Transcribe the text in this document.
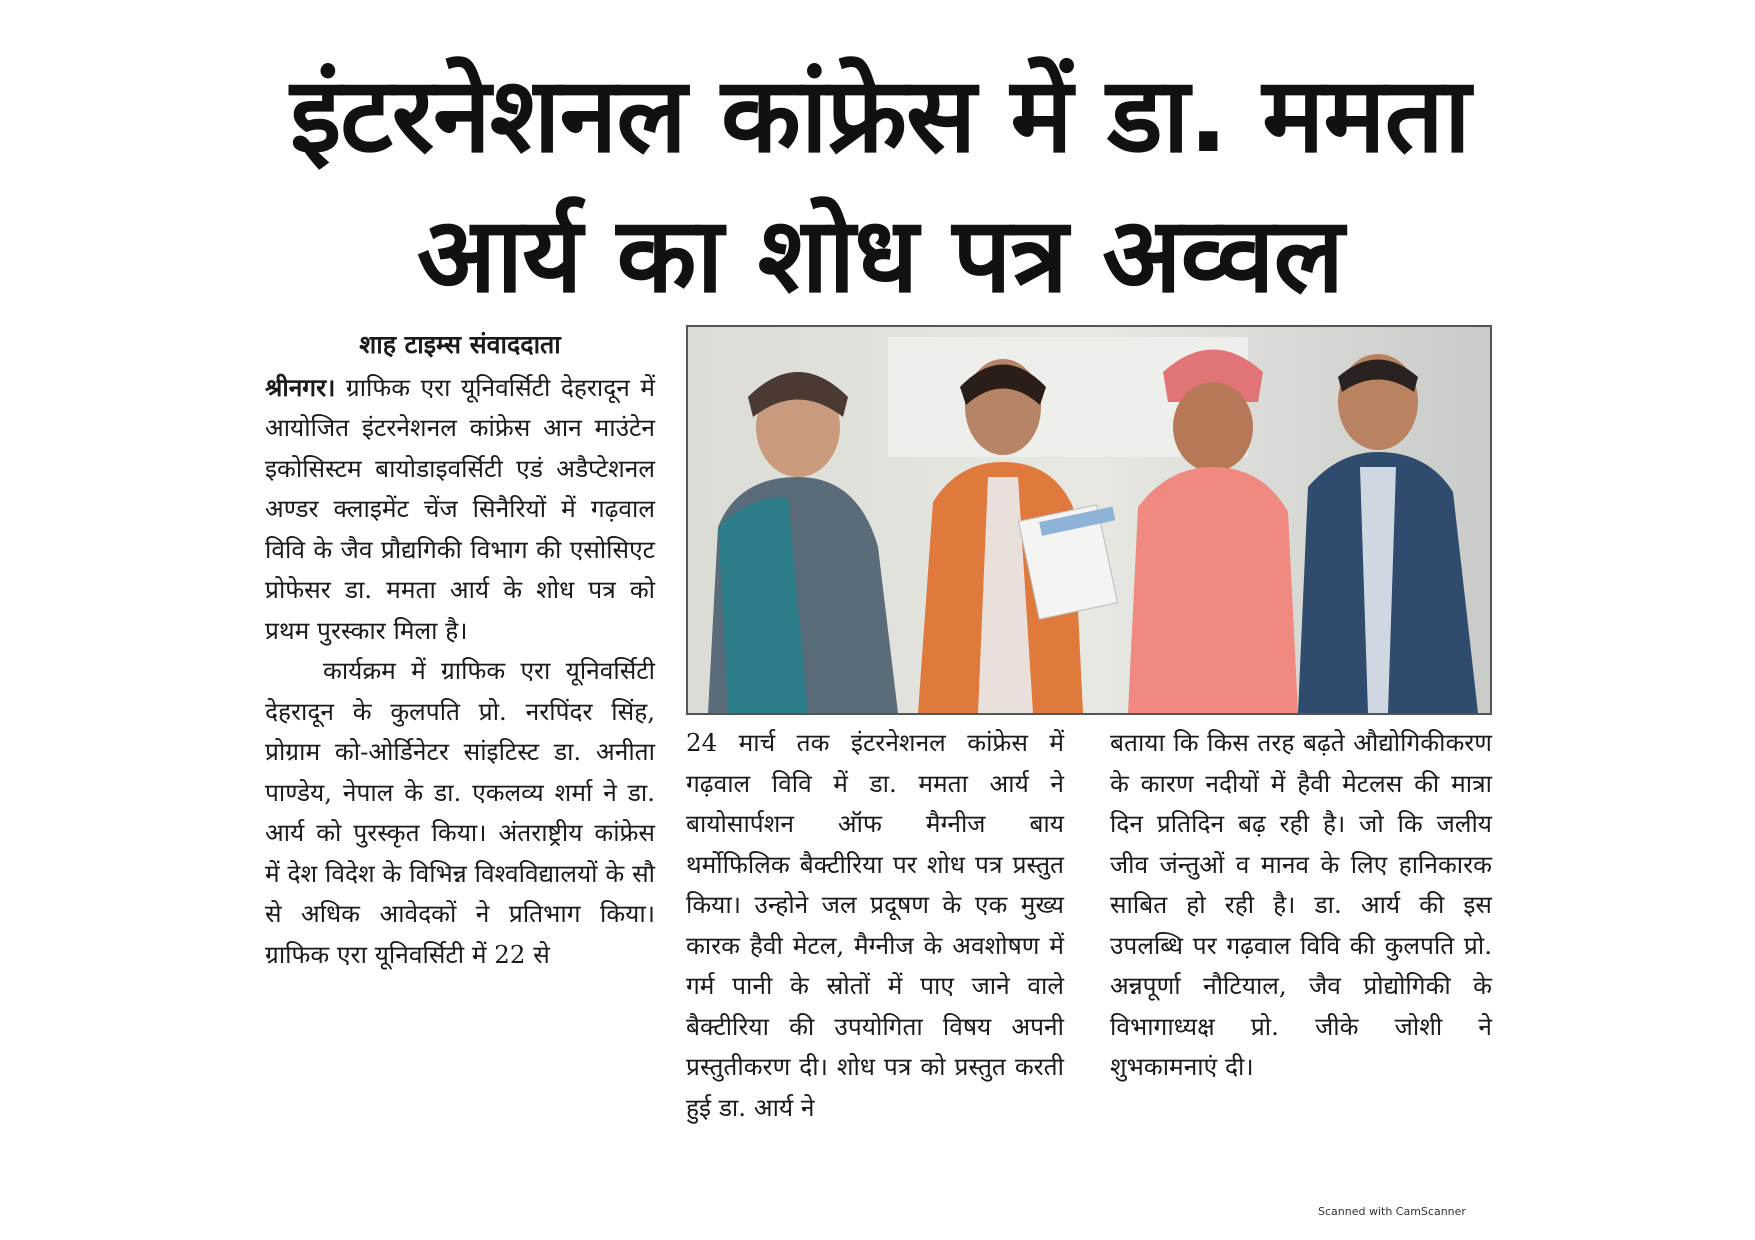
इंटरनेशनल कांफ्रेस में डा. ममता
आर्य का शोध पत्र अव्वल
शाह टाइम्स संवाददाता

श्रीनगर। ग्राफिक एरा यूनिवर्सिटी देहरादून में आयोजित इंटरनेशनल कांफ्रेस आन माउंटेन इकोसिस्टम बायोडाइवर्सिटी एडं अडैप्टेशनल अण्डर क्लाइमेंट चेंज सिनैरियों में गढ़वाल विवि के जैव प्रौद्यगिकी विभाग की एसोसिएट प्रोफेसर डा. ममता आर्य के शोध पत्र को प्रथम पुरस्कार मिला है।

कार्यक्रम में ग्राफिक एरा यूनिवर्सिटी देहरादून के कुलपति प्रो. नरपिंदर सिंह, प्रोग्राम को-ओर्डिनेटर सांइटिस्ट डा. अनीता पाण्डेय, नेपाल के डा. एकलव्य शर्मा ने डा. आर्य को पुरस्कृत किया। अंतराष्ट्रीय कांफ्रेस में देश विदेश के विभिन्न विश्वविद्यालयों के सौ से अधिक आवेदकों ने प्रतिभाग किया। ग्राफिक एरा यूनिवर्सिटी में 22 से

24 मार्च तक इंटरनेशनल कांफ्रेस में गढ़वाल विवि में डा. ममता आर्य ने बायोसार्पशन ऑफ मैग्नीज बाय थर्मोफिलिक बैक्टीरिया पर शोध पत्र प्रस्तुत किया। उन्होने जल प्रदूषण के एक मुख्य कारक हैवी मेटल, मैग्नीज के अवशोषण में गर्म पानी के स्रोतों में पाए जाने वाले बैक्टीरिया की उपयोगिता विषय अपनी प्रस्तुतीकरण दी। शोध पत्र को प्रस्तुत करती हुई डा. आर्य ने
बताया कि किस तरह बढ़ते औद्योगिकीकरण के कारण नदीयों में हैवी मेटलस की मात्रा दिन प्रतिदिन बढ़ रही है। जो कि जलीय जीव जंन्तुओं व मानव के लिए हानिकारक साबित हो रही है। डा. आर्य की इस उपलब्धि पर गढ़वाल विवि की कुलपति प्रो. अन्नपूर्णा नौटियाल, जैव प्रोद्योगिकी के विभागाध्यक्ष प्रो. जीके जोशी ने शुभकामनाएं दी।
Scanned with CamScanner
